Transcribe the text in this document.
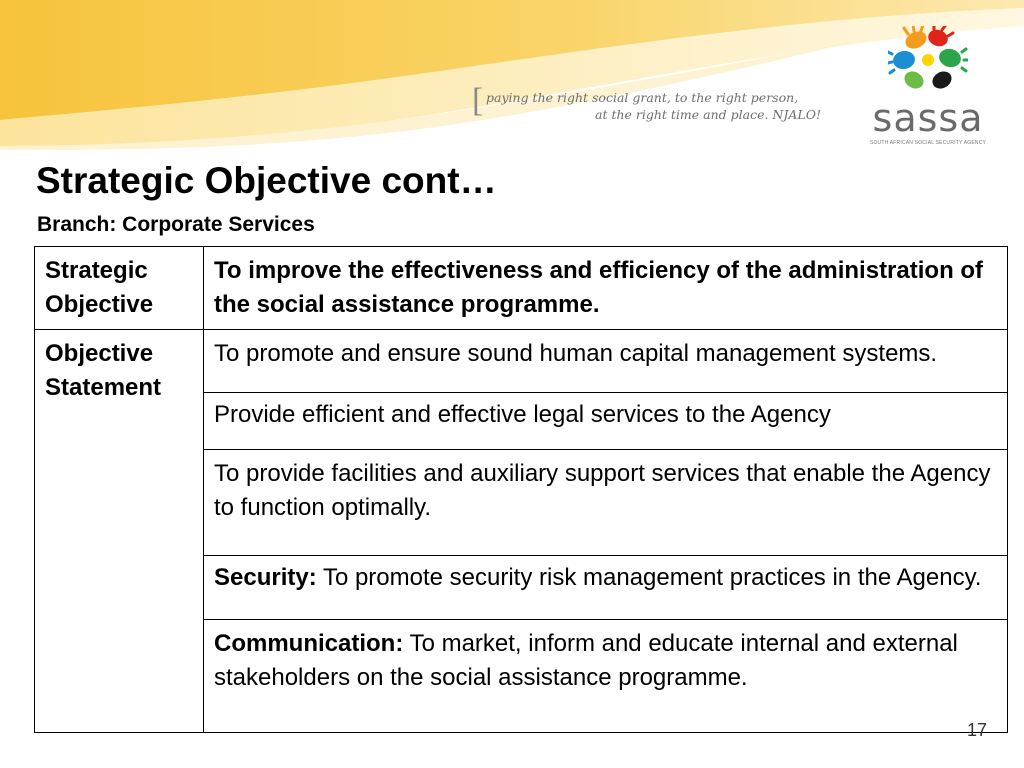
[ paying the right social grant, to the right person,
at the right time and place. NJALO! sassa
SOUTH AFRICAN SOCIAL SECURITY AGENCY
Strategic Objective cont…
Branch: Corporate Services
Strategic Objective	To improve the effectiveness and efficiency of the administration of the social assistance programme.
Objective Statement	To promote and ensure sound human capital management systems.
	Provide efficient and effective legal services to the Agency
	To provide facilities and auxiliary support services that enable the Agency to function optimally.
	Security: To promote security risk management practices in the Agency.
	Communication: To market, inform and educate internal and external stakeholders on the social assistance programme.
17
